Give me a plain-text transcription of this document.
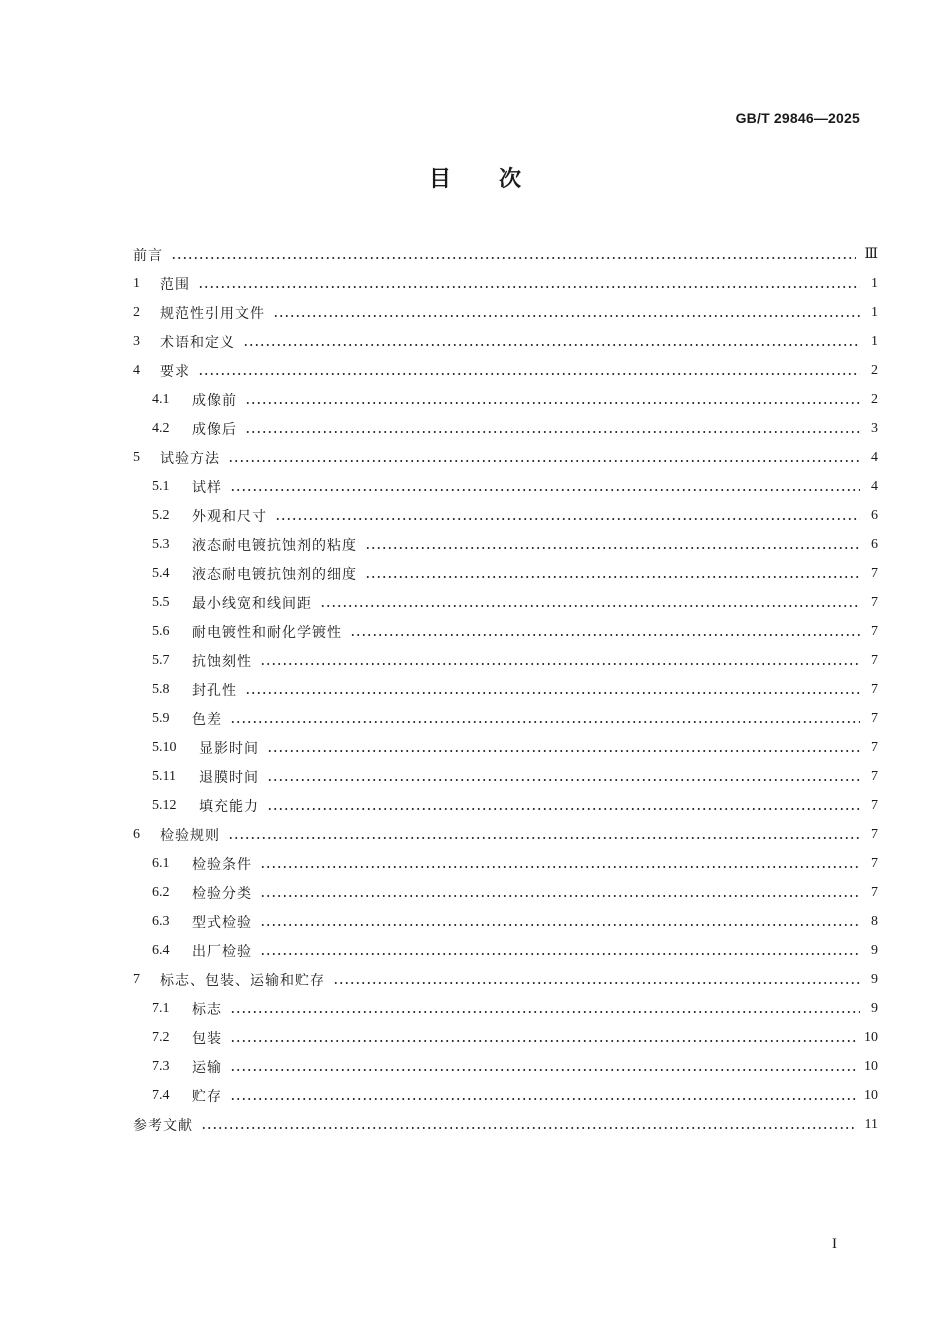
GB/T 29846—2025
目 次
前言	Ⅲ
1	范围	1
2	规范性引用文件	1
3	术语和定义	1
4	要求	2
4.1	成像前	2
4.2	成像后	3
5	试验方法	4
5.1	试样	4
5.2	外观和尺寸	6
5.3	液态耐电镀抗蚀剂的粘度	6
5.4	液态耐电镀抗蚀剂的细度	7
5.5	最小线宽和线间距	7
5.6	耐电镀性和耐化学镀性	7
5.7	抗蚀刻性	7
5.8	封孔性	7
5.9	色差	7
5.10	显影时间	7
5.11	退膜时间	7
5.12	填充能力	7
6	检验规则	7
6.1	检验条件	7
6.2	检验分类	7
6.3	型式检验	8
6.4	出厂检验	9
7	标志、包装、运输和贮存	9
7.1	标志	9
7.2	包装	10
7.3	运输	10
7.4	贮存	10
参考文献	11
I
